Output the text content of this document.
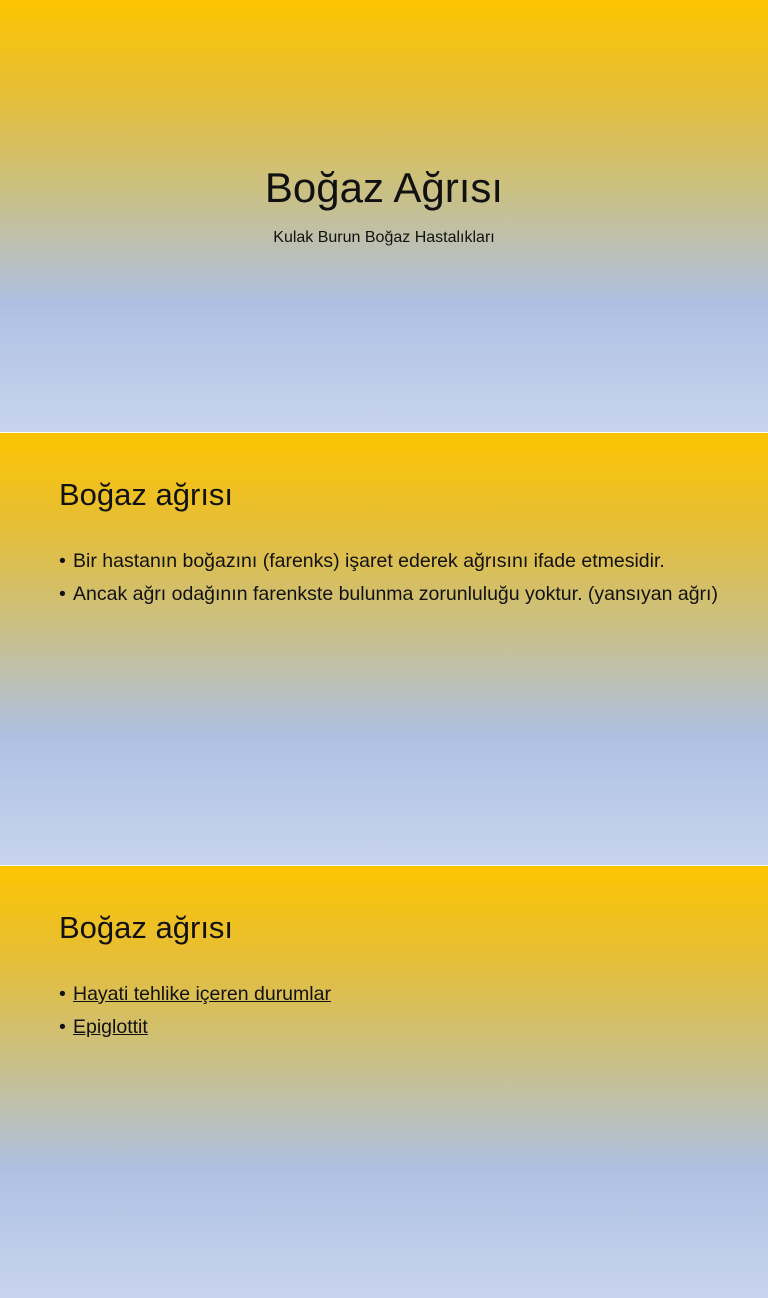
Boğaz Ağrısı
Kulak Burun Boğaz Hastalıkları
Boğaz ağrısı
• Bir hastanın boğazını (farenks) işaret ederek ağrısını ifade etmesidir.
• Ancak ağrı odağının farenkste bulunma zorunluluğu yoktur. (yansıyan ağrı)
Boğaz ağrısı
• Hayati tehlike içeren durumlar
• Epiglottit
